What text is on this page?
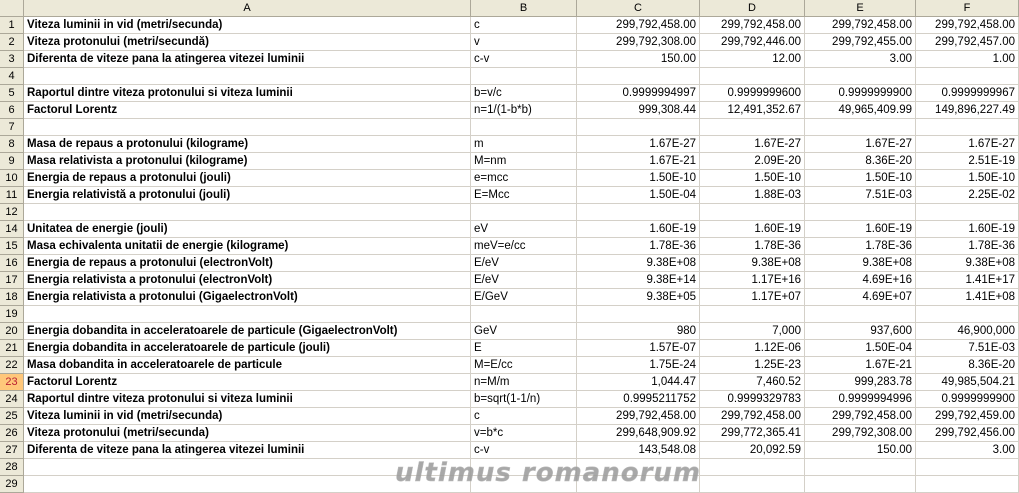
A	B	C	D	E	F
1	Viteza luminii in vid (metri/secunda)	c	299,792,458.00	299,792,458.00	299,792,458.00	299,792,458.00
2	Viteza protonului (metri/secundă)	v	299,792,308.00	299,792,446.00	299,792,455.00	299,792,457.00
3	Diferenta de viteze pana la atingerea vitezei luminii	c-v	150.00	12.00	3.00	1.00
4
5	Raportul dintre viteza protonului si viteza luminii	b=v/c	0.9999994997	0.9999999600	0.9999999900	0.9999999967
6	Factorul Lorentz	n=1/(1-b*b)	999,308.44	12,491,352.67	49,965,409.99	149,896,227.49
7
8	Masa de repaus a protonului (kilograme)	m	1.67E-27	1.67E-27	1.67E-27	1.67E-27
9	Masa relativista a protonului (kilograme)	M=nm	1.67E-21	2.09E-20	8.36E-20	2.51E-19
10 Energia de repaus a protonului (jouli)	e=mcc	1.50E-10	1.50E-10	1.50E-10	1.50E-10
11 Energia relativistă a protonului (jouli)	E=Mcc	1.50E-04	1.88E-03	7.51E-03	2.25E-02
12
14 Unitatea de energie (jouli)	eV	1.60E-19	1.60E-19	1.60E-19	1.60E-19
15 Masa echivalenta unitatii de energie (kilograme)	meV=e/cc	1.78E-36	1.78E-36	1.78E-36	1.78E-36
16 Energia de repaus a protonului (electronVolt)	E/eV	9.38E+08	9.38E+08	9.38E+08	9.38E+08
17 Energia relativista a protonului (electronVolt)	E/eV	9.38E+14	1.17E+16	4.69E+16	1.41E+17
18 Energia relativista a protonului (GigaelectronVolt)	E/GeV	9.38E+05	1.17E+07	4.69E+07	1.41E+08
19
20 Energia dobandita in acceleratoarele de particule (GigaelectronVolt)	GeV	980	7,000	937,600	46,900,000
21 Energia dobandita in acceleratoarele de particule (jouli)	E	1.57E-07	1.12E-06	1.50E-04	7.51E-03
22 Masa dobandita in acceleratoarele de particule	M=E/cc	1.75E-24	1.25E-23	1.67E-21	8.36E-20
23 Factorul Lorentz	n=M/m	1,044.47	7,460.52	999,283.78	49,985,504.21
24 Raportul dintre viteza protonului si viteza luminii	b=sqrt(1-1/n)	0.9995211752	0.9999329783	0.9999994996	0.9999999900
25 Viteza luminii in vid (metri/secunda)	c	299,792,458.00	299,792,458.00	299,792,458.00	299,792,459.00
26 Viteza protonului (metri/secunda)	v=b*c	299,648,909.92	299,772,365.41	299,792,308.00	299,792,456.00
27 Diferenta de viteze pana la atingerea vitezei luminii	c-v	143,548.08	20,092.59	150.00	3.00
28
29	ultimus romanorum
